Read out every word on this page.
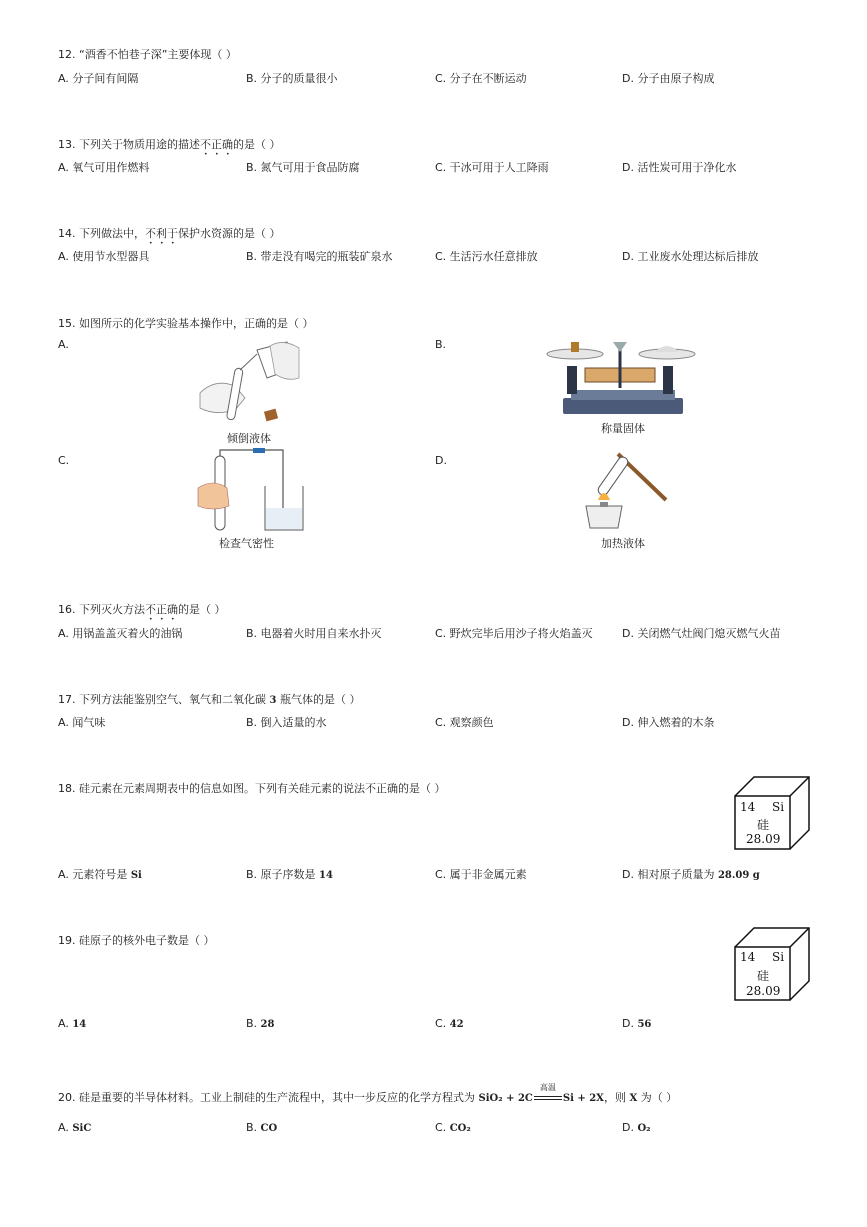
12. “酒香不怕巷子深”主要体现（ ）
A. 分子间有间隔	B. 分子的质量很小	C. 分子在不断运动	D. 分子由原子构成
13. 下列关于物质用途的描述不正确的是（ ）
A. 氧气可用作燃料	B. 氮气可用于食品防腐	C. 干冰可用于人工降雨	D. 活性炭可用于净化水
14. 下列做法中，不利于保护水资源的是（ ）
A. 使用节水型器具	B. 带走没有喝完的瓶装矿泉水	C. 生活污水任意排放	D. 工业废水处理达标后排放
15. 如图所示的化学实验基本操作中，正确的是（ ）
A.	B.
C.	D.
倾倒液体
称量固体
检查气密性	加热液体
16. 下列灭火方法不正确的是（ ）
A. 用锅盖盖灭着火的油锅	B. 电器着火时用自来水扑灭	C. 野炊完毕后用沙子将火焰盖灭	D. 关闭燃气灶阀门熄灭燃气火苗
17. 下列方法能鉴别空气、氧气和二氧化碳 3 瓶气体的是（ ）
A. 闻气味	B. 倒入适量的水	C. 观察颜色	D. 伸入燃着的木条
18. 硅元素在元素周期表中的信息如图。下列有关硅元素的说法不正确的是（ ）
14 Si
硅
28.09
A. 元素符号是 Si	B. 原子序数是 14	C. 属于非金属元素	D. 相对原子质量为 28.09 g
19. 硅原子的核外电子数是（ ）
14 Si
硅
28.09
A. 14	B. 28	C. 42	D. 56
20. 硅是重要的半导体材料。工业上制硅的生产流程中，其中一步反应的化学方程式为 SiO₂ + 2C
高温
Si + 2X，则 X 为（ ）
A. SiC	B. CO	C. CO₂	D. O₂
